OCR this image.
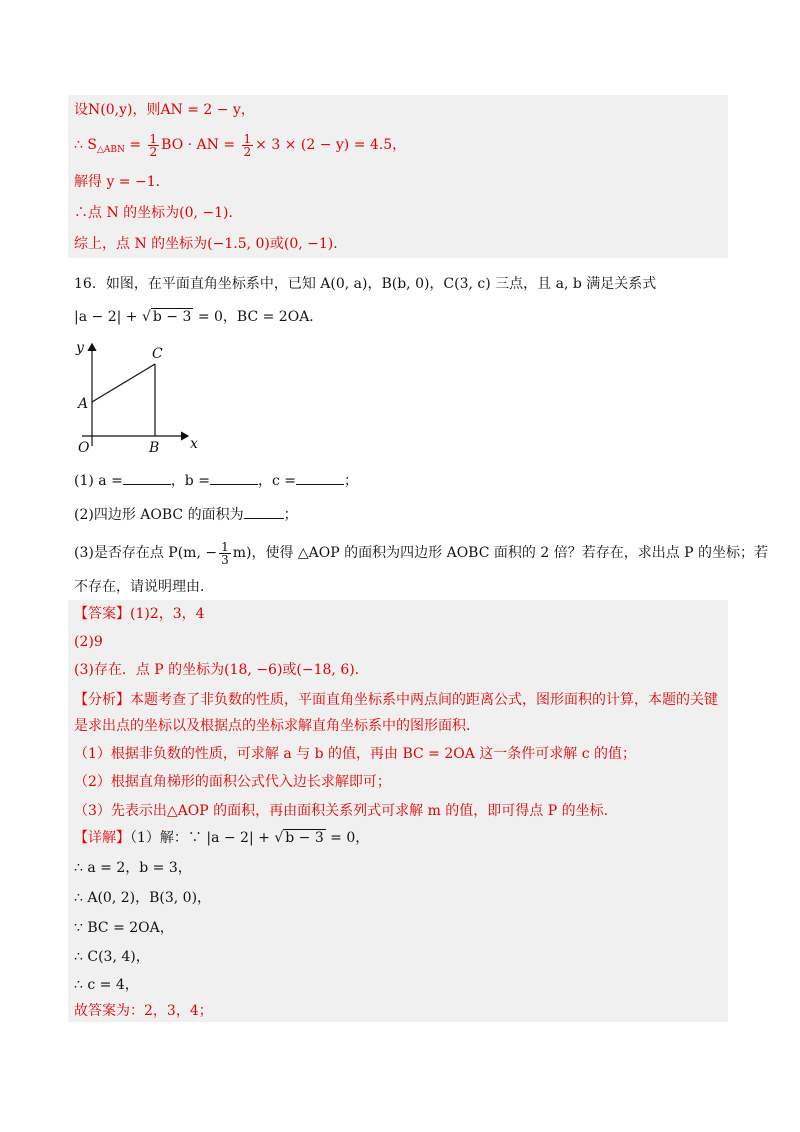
设N(0,y)，则AN = 2 − y，
∴ $S_{\triangle ABN} = \frac{1}{2}$ BO · AN = $\frac{1}{2} \times 3 \times (2 - y) = 4.5$，
解得 y = −1．
∴点 N 的坐标为(0, −1)．
综上，点 N 的坐标为(−1.5, 0)或(0, −1)．
16．如图，在平面直角坐标系中，已知 A(0, a)，B(b, 0)，C(3, c) 三点，且 a, b 满足关系式
|a − 2| + √ b − 3 = 0，BC = 2OA．
y
x
O
A
B
C
(1) a =	，b =	，c =	；
(2)四边形 AOBC 的面积为	；
(3)是否存在点 P(m, − $\frac{1}{3} m$)，使得 △AOP 的面积为四边形 AOBC 面积的 2 倍？若存在，求出点 P 的坐标；若
不存在，请说明理由．
【答案】(1)2，3，4
(2)9
(3)存在．点 P 的坐标为(18, −6)或(−18, 6)．
【分析】本题考查了非负数的性质，平面直角坐标系中两点间的距离公式，图形面积的计算，本题的关键
是求出点的坐标以及根据点的坐标求解直角坐标系中的图形面积．
（1）根据非负数的性质，可求解 a 与 b 的值，再由 BC = 2OA 这一条件可求解 c 的值；
（2）根据直角梯形的面积公式代入边长求解即可；
（3）先表示出△AOP 的面积，再由面积关系列式可求解 m 的值，即可得点 P 的坐标．
【详解】（1）解：∵ |a − 2| + √ b − 3 = 0，
∴ a = 2，b = 3，
∴ A(0, 2)，B(3, 0)，
∵ BC = 2OA，
∴ C(3, 4)，
∴ c = 4，
故答案为：2，3，4；
